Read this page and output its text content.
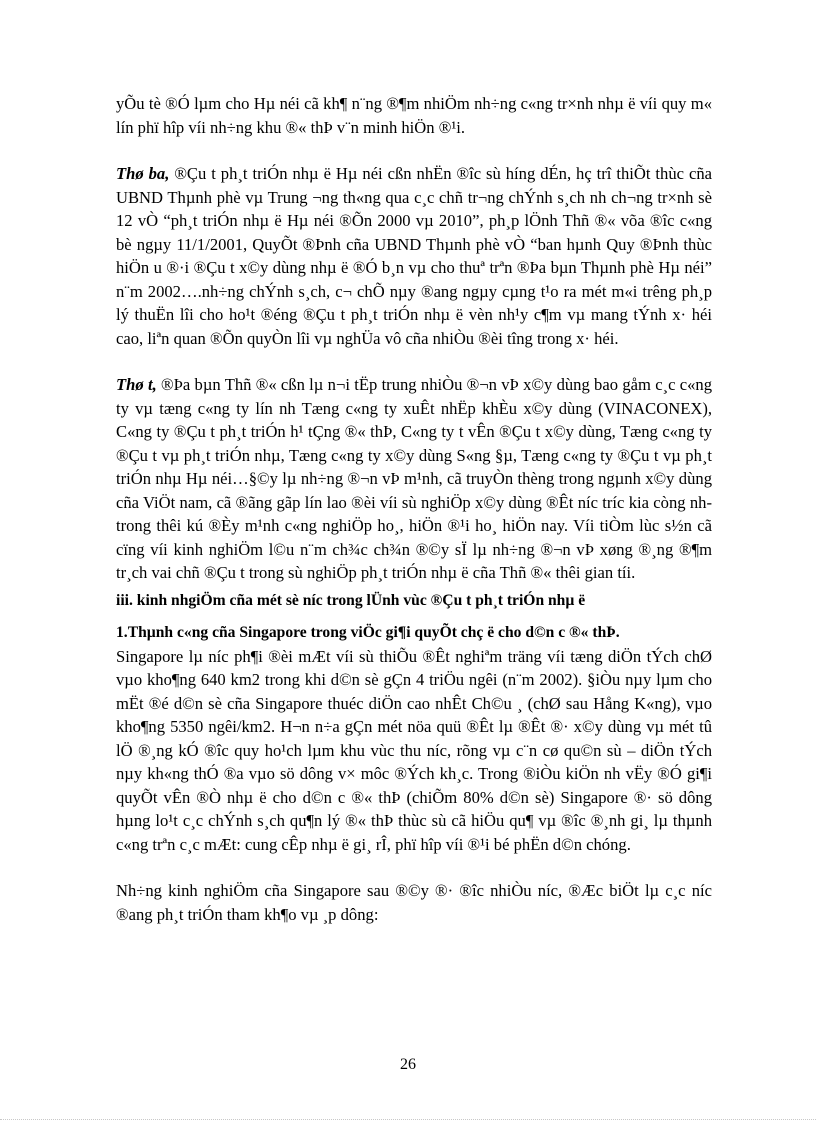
yÕu tè ®Ó lµm cho Hµ néi cã kh¶ n¨ng ®¶m nhiÖm nh÷ng c«ng tr×nh nhµ ë víi quy m« lín phï hîp víi nh÷ng khu ®« thÞ v¨n minh hiÖn ®¹i.

Thø ba, ®Çu t ph¸t triÓn nhµ ë Hµ néi cßn nhËn ®îc sù híng dÉn, hç trî thiÕt thùc cña UBND Thµnh phè vµ Trung ¬ng th«ng qua c¸c chñ tr¬ng chÝnh s¸ch nh ch¬ng tr×nh sè 12 vÒ “ph¸t triÓn nhµ ë Hµ néi ®Õn 2000 vµ 2010”, ph¸p lÖnh Thñ ®« võa ®îc c«ng bè ngµy 11/1/2001, QuyÕt ®Þnh cña UBND Thµnh phè vÒ “ban hµnh Quy ®Þnh thùc hiÖn u ®·i ®Çu t x©y dùng nhµ ë ®Ó b¸n vµ cho thuª trªn ®Þa bµn Thµnh phè Hµ néi” n¨m 2002….nh÷ng chÝnh s¸ch, c¬ chÕ nµy ®ang ngµy cµng t¹o ra mét m«i trêng ph¸p lý thuËn lîi cho ho¹t ®éng ®Çu t ph¸t triÓn nhµ ë vèn nh¹y c¶m vµ mang tÝnh x· héi cao, liªn quan ®Õn quyÒn lîi vµ nghÜa vô cña nhiÒu ®èi tîng trong x· héi.

Thø t, ®Þa bµn Thñ ®« cßn lµ n¬i tËp trung nhiÒu ®¬n vÞ x©y dùng bao gåm c¸c c«ng ty vµ tæng c«ng ty lín nh Tæng c«ng ty xuÊt nhËp khÈu x©y dùng (VINACONEX), C«ng ty ®Çu t ph¸t triÓn h¹ tÇng ®« thÞ, C«ng ty t vÊn ®Çu t x©y dùng, Tæng c«ng ty ®Çu t vµ ph¸t triÓn nhµ, Tæng c«ng ty x©y dùng S«ng §µ, Tæng c«ng ty ®Çu t vµ ph¸t triÓn nhµ Hµ néi…§©y lµ nh÷ng ®¬n vÞ m¹nh, cã truyÒn thèng trong ngµnh x©y dùng cña ViÖt nam, cã ®ãng gãp lín lao ®èi víi sù nghiÖp x©y dùng ®Êt níc tríc kia còng nh trong thêi kú ®Èy m¹nh c«ng nghiÖp ho¸, hiÖn ®¹i ho¸ hiÖn nay. Víi tiÒm lùc s½n cã cïng víi kinh nghiÖm l©u n¨m ch¾c ch¾n ®©y sÏ lµ nh÷ng ®¬n vÞ xøng ®¸ng ®¶m tr¸ch vai chñ ®Çu t trong sù nghiÖp ph¸t triÓn nhµ ë cña Thñ ®« thêi gian tíi.

iii. kinh nhgiÖm cña mét sè níc trong lÜnh vùc ®Çu t ph¸t triÓn nhµ ë

1.Thµnh c«ng cña Singapore trong viÖc gi¶i quyÕt chç ë cho d©n c ®« thÞ.

Singapore lµ níc ph¶i ®èi mÆt víi sù thiÕu ®Êt nghiªm träng víi tæng diÖn tÝch chØ vµo kho¶ng 640 km2 trong khi d©n sè gÇn 4 triÖu ngêi (n¨m 2002). §iÒu nµy lµm cho mËt ®é d©n sè cña Singapore thuéc diÖn cao nhÊt Ch©u ¸ (chØ sau Hång K«ng), vµo kho¶ng 5350 ngêi/km2. H¬n n÷a gÇn mét nöa quü ®Êt lµ ®Êt ®· x©y dùng vµ mét tû lÖ ®¸ng kÓ ®îc quy ho¹ch lµm khu vùc thu níc, rõng vµ c¨n cø qu©n sù – diÖn tÝch nµy kh«ng thÓ ®a vµo sö dông v× môc ®Ých kh¸c. Trong ®iÒu kiÖn nh vËy ®Ó gi¶i quyÕt vÊn ®Ò nhµ ë cho d©n c ®« thÞ (chiÕm 80% d©n sè) Singapore ®· sö dông hµng lo¹t c¸c chÝnh s¸ch qu¶n lý ®« thÞ thùc sù cã hiÖu qu¶ vµ ®îc ®¸nh gi¸ lµ thµnh c«ng trªn c¸c mÆt: cung cÊp nhµ ë gi¸ rÎ, phï hîp víi ®¹i bé phËn d©n chóng.

Nh÷ng kinh nghiÖm cña Singapore sau ®©y ®· ®îc nhiÒu níc, ®Æc biÖt lµ c¸c níc ®ang ph¸t triÓn tham kh¶o vµ ¸p dông:

26
